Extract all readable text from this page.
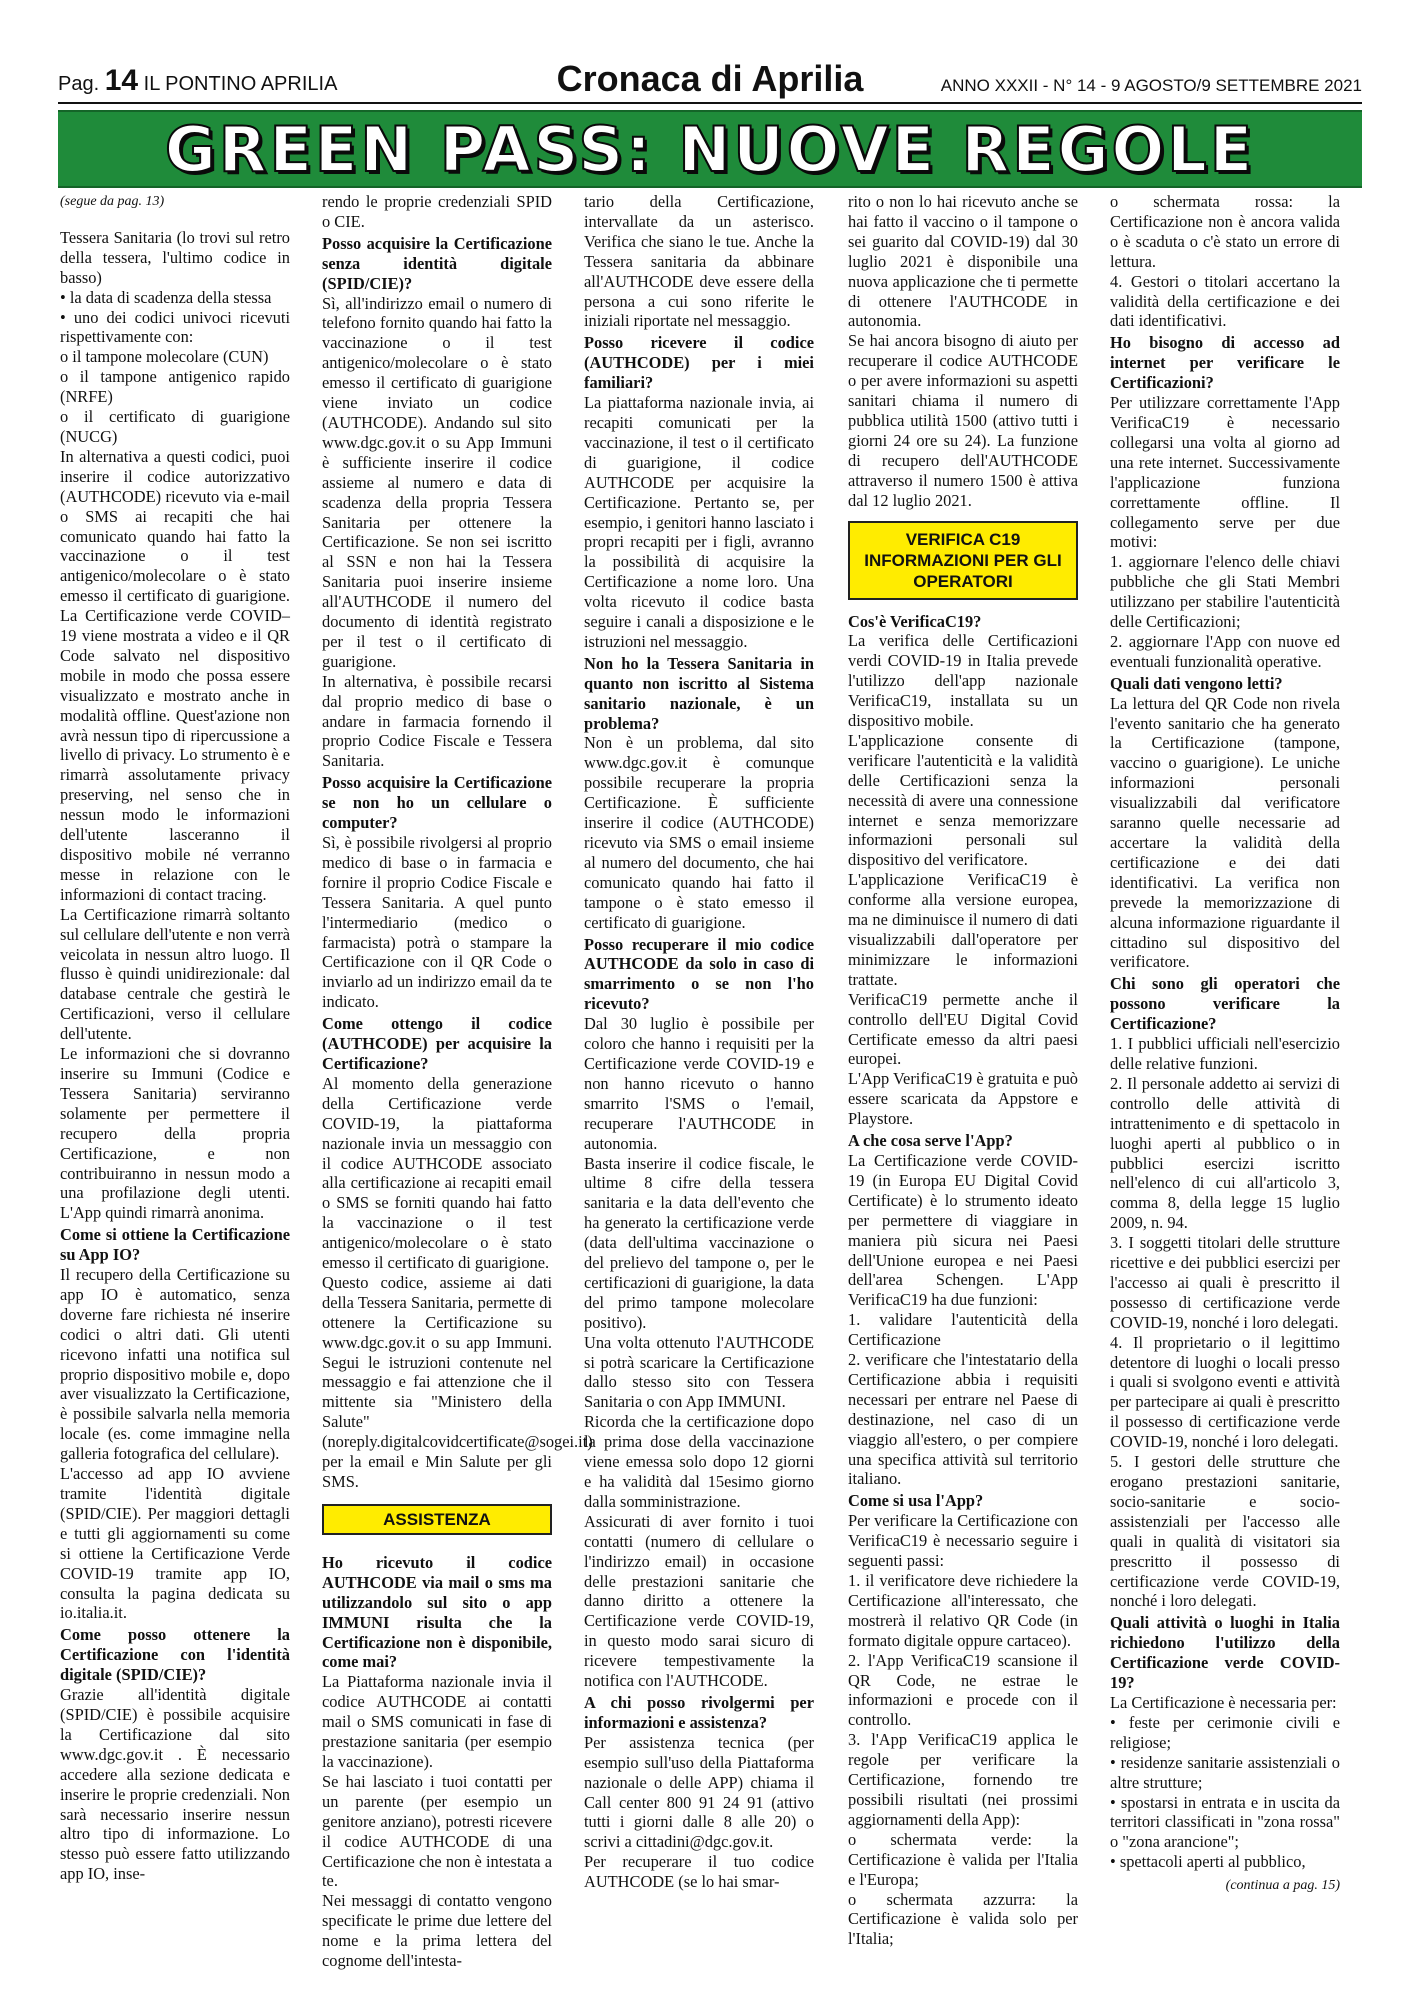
Pag. 14 IL PONTINO APRILIA	Cronaca di Aprilia	ANNO XXXII - N° 14 - 9 AGOSTO/9 SETTEMBRE 2021
GREEN PASS: NUOVE REGOLE

(segue da pag. 13)

Tessera Sanitaria (lo trovi sul retro della tessera, l'ultimo codice in basso)

• la data di scadenza della stessa

• uno dei codici univoci ricevuti rispettivamente con:

o il tampone molecolare (CUN)

o il tampone antigenico rapido (NRFE)

o il certificato di guarigione (NUCG)

In alternativa a questi codici, puoi inserire il codice autorizzativo (AUTHCODE) ricevuto via e-mail o SMS ai recapiti che hai comunicato quando hai fatto la vaccinazione o il test antigenico/molecolare o è stato emesso il certificato di guarigione. La Certificazione verde COVID–19 viene mostrata a video e il QR Code salvato nel dispositivo mobile in modo che possa essere visualizzato e mostrato anche in modalità offline. Quest'azione non avrà nessun tipo di ripercussione a livello di privacy. Lo strumento è e rimarrà assolutamente privacy preserving, nel senso che in nessun modo le informazioni dell'utente lasceranno il dispositivo mobile né verranno messe in relazione con le informazioni di contact tracing.

La Certificazione rimarrà soltanto sul cellulare dell'utente e non verrà veicolata in nessun altro luogo. Il flusso è quindi unidirezionale: dal database centrale che gestirà le Certificazioni, verso il cellulare dell'utente.

Le informazioni che si dovranno inserire su Immuni (Codice e Tessera Sanitaria) serviranno solamente per permettere il recupero della propria Certificazione, e non contribuiranno in nessun modo a una profilazione degli utenti. L'App quindi rimarrà anonima.

Come si ottiene la Certificazione su App IO?

Il recupero della Certificazione su app IO è automatico, senza doverne fare richiesta né inserire codici o altri dati. Gli utenti ricevono infatti una notifica sul proprio dispositivo mobile e, dopo aver visualizzato la Certificazione, è possibile salvarla nella memoria locale (es. come immagine nella galleria fotografica del cellulare).

L'accesso ad app IO avviene tramite l'identità digitale (SPID/CIE). Per maggiori dettagli e tutti gli aggiornamenti su come si ottiene la Certificazione Verde COVID-19 tramite app IO, consulta la pagina dedicata su io.italia.it.

Come posso ottenere la Certificazione con l'identità digitale (SPID/CIE)?

Grazie all'identità digitale (SPID/CIE) è possibile acquisire la Certificazione dal sito www.dgc.gov.it . È necessario accedere alla sezione dedicata e inserire le proprie credenziali. Non sarà necessario inserire nessun altro tipo di informazione. Lo stesso può essere fatto utilizzando app IO, inse-

rendo le proprie credenziali SPID o CIE.

Posso acquisire la Certificazione senza identità digitale (SPID/CIE)?

Sì, all'indirizzo email o numero di telefono fornito quando hai fatto la vaccinazione o il test antigenico/molecolare o è stato emesso il certificato di guarigione viene inviato un codice (AUTHCODE). Andando sul sito www.dgc.gov.it o su App Immuni è sufficiente inserire il codice assieme al numero e data di scadenza della propria Tessera Sanitaria per ottenere la Certificazione. Se non sei iscritto al SSN e non hai la Tessera Sanitaria puoi inserire insieme all'AUTHCODE il numero del documento di identità registrato per il test o il certificato di guarigione.

In alternativa, è possibile recarsi dal proprio medico di base o andare in farmacia fornendo il proprio Codice Fiscale e Tessera Sanitaria.

Posso acquisire la Certificazione se non ho un cellulare o computer?

Sì, è possibile rivolgersi al proprio medico di base o in farmacia e fornire il proprio Codice Fiscale e Tessera Sanitaria. A quel punto l'intermediario (medico o farmacista) potrà o stampare la Certificazione con il QR Code o inviarlo ad un indirizzo email da te indicato.

Come ottengo il codice (AUTHCODE) per acquisire la Certificazione?

Al momento della generazione della Certificazione verde COVID-19, la piattaforma nazionale invia un messaggio con il codice AUTHCODE associato alla certificazione ai recapiti email o SMS se forniti quando hai fatto la vaccinazione o il test antigenico/molecolare o è stato emesso il certificato di guarigione.

Questo codice, assieme ai dati della Tessera Sanitaria, permette di ottenere la Certificazione su www.dgc.gov.it o su app Immuni. Segui le istruzioni contenute nel messaggio e fai attenzione che il mittente sia "Ministero della Salute" (noreply.digitalcovidcertificate@sogei.it) per la email e Min Salute per gli SMS.

ASSISTENZA

Ho ricevuto il codice AUTHCODE via mail o sms ma utilizzandolo sul sito o app IMMUNI risulta che la Certificazione non è disponibile, come mai?

La Piattaforma nazionale invia il codice AUTHCODE ai contatti mail o SMS comunicati in fase di prestazione sanitaria (per esempio la vaccinazione).

Se hai lasciato i tuoi contatti per un parente (per esempio un genitore anziano), potresti ricevere il codice AUTHCODE di una Certificazione che non è intestata a te.

Nei messaggi di contatto vengono specificate le prime due lettere del nome e la prima lettera del cognome dell'intesta-

tario della Certificazione, intervallate da un asterisco. Verifica che siano le tue. Anche la Tessera sanitaria da abbinare all'AUTHCODE deve essere della persona a cui sono riferite le iniziali riportate nel messaggio.

Posso ricevere il codice (AUTHCODE) per i miei familiari?

La piattaforma nazionale invia, ai recapiti comunicati per la vaccinazione, il test o il certificato di guarigione, il codice AUTHCODE per acquisire la Certificazione. Pertanto se, per esempio, i genitori hanno lasciato i propri recapiti per i figli, avranno la possibilità di acquisire la Certificazione a nome loro. Una volta ricevuto il codice basta seguire i canali a disposizione e le istruzioni nel messaggio.

Non ho la Tessera Sanitaria in quanto non iscritto al Sistema sanitario nazionale, è un problema?

Non è un problema, dal sito www.dgc.gov.it è comunque possibile recuperare la propria Certificazione. È sufficiente inserire il codice (AUTHCODE) ricevuto via SMS o email insieme al numero del documento, che hai comunicato quando hai fatto il tampone o è stato emesso il certificato di guarigione.

Posso recuperare il mio codice AUTHCODE da solo in caso di smarrimento o se non l'ho ricevuto?

Dal 30 luglio è possibile per coloro che hanno i requisiti per la Certificazione verde COVID-19 e non hanno ricevuto o hanno smarrito l'SMS o l'email, recuperare l'AUTHCODE in autonomia.

Basta inserire il codice fiscale, le ultime 8 cifre della tessera sanitaria e la data dell'evento che ha generato la certificazione verde (data dell'ultima vaccinazione o del prelievo del tampone o, per le certificazioni di guarigione, la data del primo tampone molecolare positivo).

Una volta ottenuto l'AUTHCODE si potrà scaricare la Certificazione dallo stesso sito con Tessera Sanitaria o con App IMMUNI.

Ricorda che la certificazione dopo la prima dose della vaccinazione viene emessa solo dopo 12 giorni e ha validità dal 15esimo giorno dalla somministrazione.

Assicurati di aver fornito i tuoi contatti (numero di cellulare o l'indirizzo email) in occasione delle prestazioni sanitarie che danno diritto a ottenere la Certificazione verde COVID-19, in questo modo sarai sicuro di ricevere tempestivamente la notifica con l'AUTHCODE.

A chi posso rivolgermi per informazioni e assistenza?

Per assistenza tecnica (per esempio sull'uso della Piattaforma nazionale o delle APP) chiama il Call center 800 91 24 91 (attivo tutti i giorni dalle 8 alle 20) o scrivi a cittadini@dgc.gov.it.

Per recuperare il tuo codice AUTHCODE (se lo hai smar-

rito o non lo hai ricevuto anche se hai fatto il vaccino o il tampone o sei guarito dal COVID-19) dal 30 luglio 2021 è disponibile una nuova applicazione che ti permette di ottenere l'AUTHCODE in autonomia.

Se hai ancora bisogno di aiuto per recuperare il codice AUTHCODE o per avere informazioni su aspetti sanitari chiama il numero di pubblica utilità 1500 (attivo tutti i giorni 24 ore su 24). La funzione di recupero dell'AUTHCODE attraverso il numero 1500 è attiva dal 12 luglio 2021.

VERIFICA C19 INFORMAZIONI PER GLI OPERATORI

Cos'è VerificaC19?

La verifica delle Certificazioni verdi COVID-19 in Italia prevede l'utilizzo dell'app nazionale VerificaC19, installata su un dispositivo mobile.

L'applicazione consente di verificare l'autenticità e la validità delle Certificazioni senza la necessità di avere una connessione internet e senza memorizzare informazioni personali sul dispositivo del verificatore.

L'applicazione VerificaC19 è conforme alla versione europea, ma ne diminuisce il numero di dati visualizzabili dall'operatore per minimizzare le informazioni trattate.

VerificaC19 permette anche il controllo dell'EU Digital Covid Certificate emesso da altri paesi europei.

L'App VerificaC19 è gratuita e può essere scaricata da Appstore e Playstore.

A che cosa serve l'App?

La Certificazione verde COVID-19 (in Europa EU Digital Covid Certificate) è lo strumento ideato per permettere di viaggiare in maniera più sicura nei Paesi dell'Unione europea e nei Paesi dell'area Schengen. L'App VerificaC19 ha due funzioni:

1. validare l'autenticità della Certificazione

2. verificare che l'intestatario della Certificazione abbia i requisiti necessari per entrare nel Paese di destinazione, nel caso di un viaggio all'estero, o per compiere una specifica attività sul territorio italiano.

Come si usa l'App?

Per verificare la Certificazione con VerificaC19 è necessario seguire i seguenti passi:

1. il verificatore deve richiedere la Certificazione all'interessato, che mostrerà il relativo QR Code (in formato digitale oppure cartaceo).

2. l'App VerificaC19 scansione il QR Code, ne estrae le informazioni e procede con il controllo.

3. l'App VerificaC19 applica le regole per verificare la Certificazione, fornendo tre possibili risultati (nei prossimi aggiornamenti della App):

o schermata verde: la Certificazione è valida per l'Italia e l'Europa;

o schermata azzurra: la Certificazione è valida solo per l'Italia;

o schermata rossa: la Certificazione non è ancora valida o è scaduta o c'è stato un errore di lettura.

4. Gestori o titolari accertano la validità della certificazione e dei dati identificativi.

Ho bisogno di accesso ad internet per verificare le Certificazioni?

Per utilizzare correttamente l'App VerificaC19 è necessario collegarsi una volta al giorno ad una rete internet. Successivamente l'applicazione funziona correttamente offline. Il collegamento serve per due motivi:

1. aggiornare l'elenco delle chiavi pubbliche che gli Stati Membri utilizzano per stabilire l'autenticità delle Certificazioni;

2. aggiornare l'App con nuove ed eventuali funzionalità operative.

Quali dati vengono letti?

La lettura del QR Code non rivela l'evento sanitario che ha generato la Certificazione (tampone, vaccino o guarigione). Le uniche informazioni personali visualizzabili dal verificatore saranno quelle necessarie ad accertare la validità della certificazione e dei dati identificativi. La verifica non prevede la memorizzazione di alcuna informazione riguardante il cittadino sul dispositivo del verificatore.

Chi sono gli operatori che possono verificare la Certificazione?

1. I pubblici ufficiali nell'esercizio delle relative funzioni.

2. Il personale addetto ai servizi di controllo delle attività di intrattenimento e di spettacolo in luoghi aperti al pubblico o in pubblici esercizi iscritto nell'elenco di cui all'articolo 3, comma 8, della legge 15 luglio 2009, n. 94.

3. I soggetti titolari delle strutture ricettive e dei pubblici esercizi per l'accesso ai quali è prescritto il possesso di certificazione verde COVID-19, nonché i loro delegati.

4. Il proprietario o il legittimo detentore di luoghi o locali presso i quali si svolgono eventi e attività per partecipare ai quali è prescritto il possesso di certificazione verde COVID-19, nonché i loro delegati.

5. I gestori delle strutture che erogano prestazioni sanitarie, socio-sanitarie e socio-assistenziali per l'accesso alle quali in qualità di visitatori sia prescritto il possesso di certificazione verde COVID-19, nonché i loro delegati.

Quali attività o luoghi in Italia richiedono l'utilizzo della Certificazione verde COVID-19?

La Certificazione è necessaria per:

• feste per cerimonie civili e religiose;

• residenze sanitarie assistenziali o altre strutture;

• spostarsi in entrata e in uscita da territori classificati in "zona rossa" o "zona arancione";

• spettacoli aperti al pubblico,

(continua a pag. 15)
